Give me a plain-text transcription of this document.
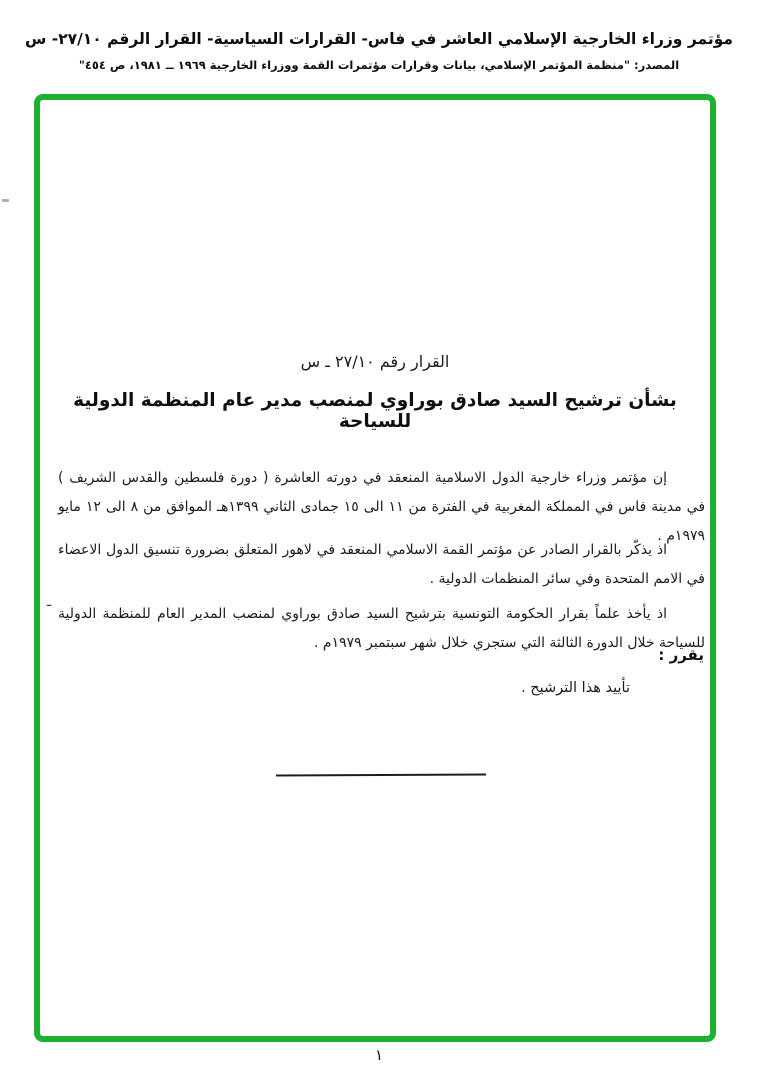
مؤتمر وزراء الخارجية الإسلامي العاشر في فاس- القرارات السياسية- القرار الرقم ٢٧/١٠- س
المصدر: "منظمة المؤتمر الإسلامي، بيانات وقرارات مؤتمرات القمة ووزراء الخارجية ١٩٦٩ ــ ١٩٨١، ص ٤٥٤"
القرار رقم ٢٧/١٠ ـ س
بشأن ترشيح السيد صادق بوراوي لمنصب مدير عام المنظمة الدولية للسياحة

إن مؤتمر وزراء خارجية الدول الاسلامية المنعقد في دورته العاشرة ( دورة فلسطين والقدس الشريف ) في مدينة فاس في المملكة المغربية في الفترة من ١١ الى ١٥ جمادى الثاني ١٣٩٩هـ الموافق من ٨ الى ١٢ مايو ١٩٧٩م .

اذ يذكّر بالقرار الصادر عن مؤتمر القمة الاسلامي المنعقد في لاهور المتعلق بضرورة تنسيق الدول الاعضاء في الامم المتحدة وفي سائر المنظمات الدولية .

اذ يأخذ علماً بقرار الحكومة التونسية بترشيح السيد صادق بوراوي لمنصب المدير العام للمنظمة الدولية للسياحة خلال الدورة الثالثة التي ستجري خلال شهر سبتمبر ١٩٧٩م .

ـ
يقرر :
تأييد هذا الترشيح .
١
